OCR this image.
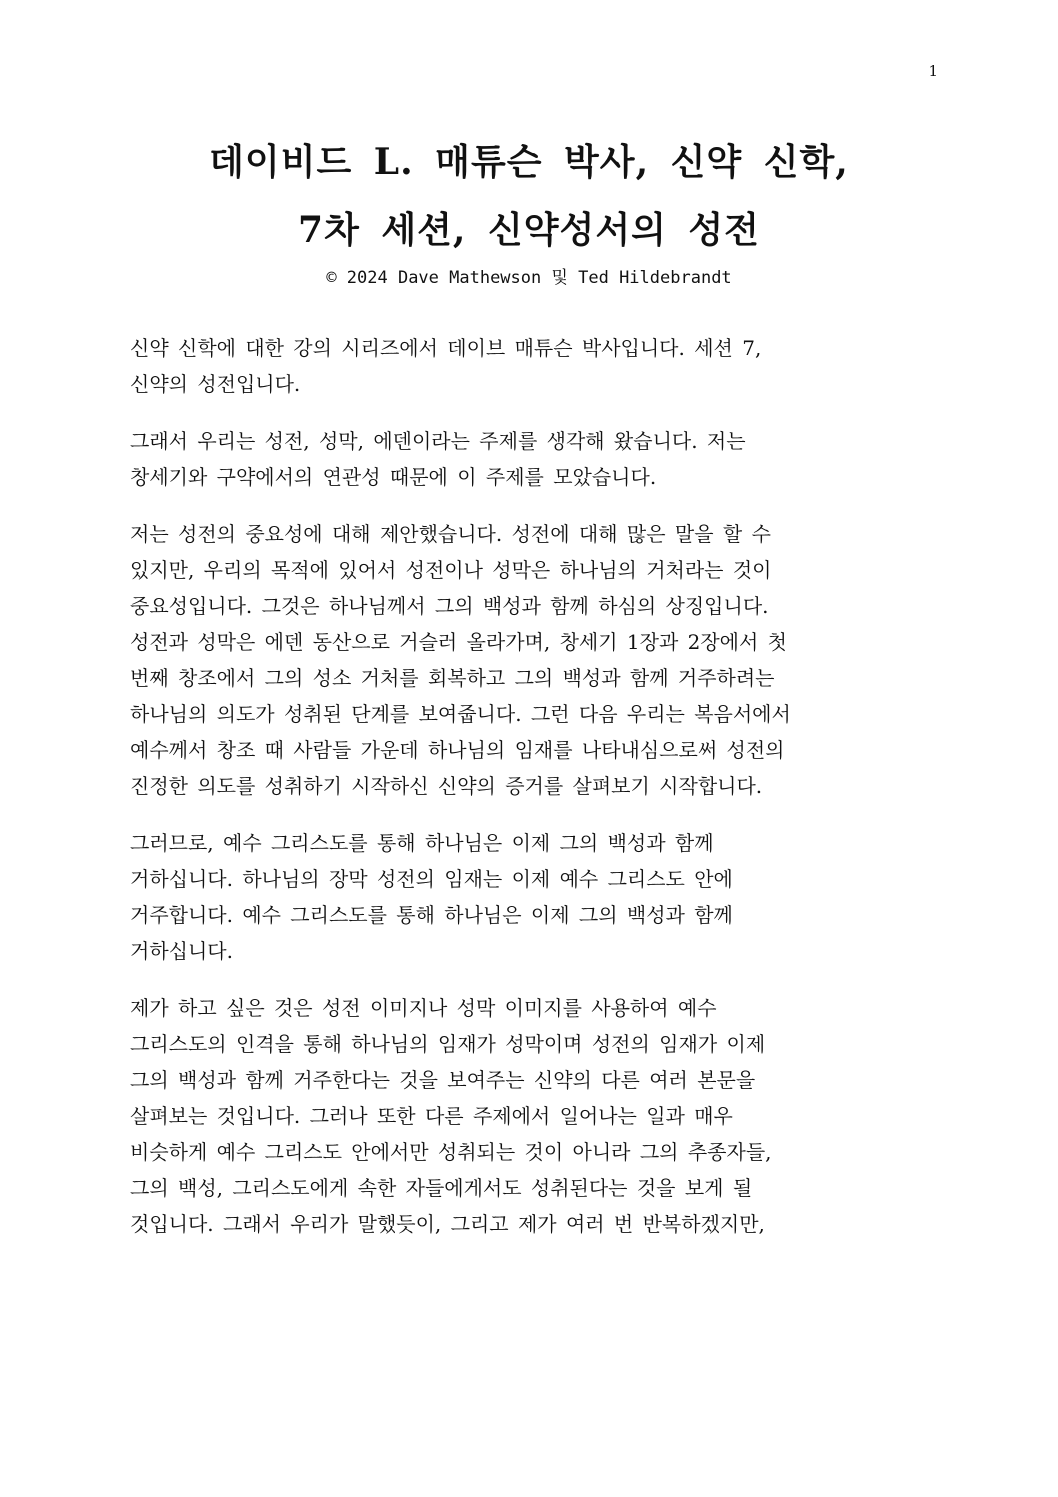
1
데이비드 L. 매튜슨 박사, 신약 신학,
7차 세션, 신약성서의 성전
© 2024 Dave Mathewson 및 Ted Hildebrandt
신약 신학에 대한 강의 시리즈에서 데이브 매튜슨 박사입니다. 세션 7,
신약의 성전입니다.
그래서 우리는 성전, 성막, 에덴이라는 주제를 생각해 왔습니다. 저는
창세기와 구약에서의 연관성 때문에 이 주제를 모았습니다.
저는 성전의 중요성에 대해 제안했습니다. 성전에 대해 많은 말을 할 수
있지만, 우리의 목적에 있어서 성전이나 성막은 하나님의 거처라는 것이
중요성입니다. 그것은 하나님께서 그의 백성과 함께 하심의 상징입니다.
성전과 성막은 에덴 동산으로 거슬러 올라가며, 창세기 1장과 2장에서 첫
번째 창조에서 그의 성소 거처를 회복하고 그의 백성과 함께 거주하려는
하나님의 의도가 성취된 단계를 보여줍니다. 그런 다음 우리는 복음서에서
예수께서 창조 때 사람들 가운데 하나님의 임재를 나타내심으로써 성전의
진정한 의도를 성취하기 시작하신 신약의 증거를 살펴보기 시작합니다.
그러므로, 예수 그리스도를 통해 하나님은 이제 그의 백성과 함께
거하십니다. 하나님의 장막 성전의 임재는 이제 예수 그리스도 안에
거주합니다. 예수 그리스도를 통해 하나님은 이제 그의 백성과 함께
거하십니다.
제가 하고 싶은 것은 성전 이미지나 성막 이미지를 사용하여 예수
그리스도의 인격을 통해 하나님의 임재가 성막이며 성전의 임재가 이제
그의 백성과 함께 거주한다는 것을 보여주는 신약의 다른 여러 본문을
살펴보는 것입니다. 그러나 또한 다른 주제에서 일어나는 일과 매우
비슷하게 예수 그리스도 안에서만 성취되는 것이 아니라 그의 추종자들,
그의 백성, 그리스도에게 속한 자들에게서도 성취된다는 것을 보게 될
것입니다. 그래서 우리가 말했듯이, 그리고 제가 여러 번 반복하겠지만,
